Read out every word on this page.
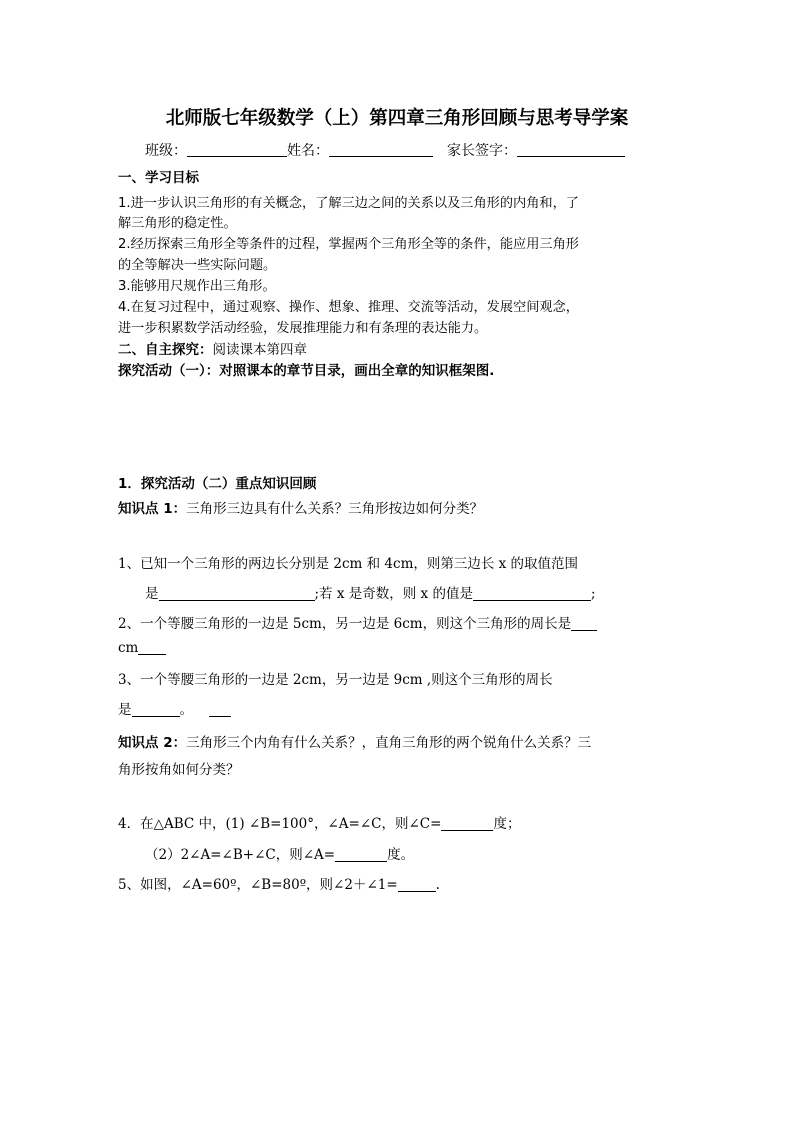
北师版七年级数学（上）第四章三角形回顾与思考导学案
班级：	姓名：	家长签字：
一、学习目标
1.进一步认识三角形的有关概念，了解三边之间的关系以及三角形的内角和，了
解三角形的稳定性。
2.经历探索三角形全等条件的过程，掌握两个三角形全等的条件，能应用三角形
的全等解决一些实际问题。
3.能够用尺规作出三角形。
4.在复习过程中，通过观察、操作、想象、推理、交流等活动，发展空间观念，
进一步积累数学活动经验，发展推理能力和有条理的表达能力。
二、自主探究：阅读课本第四章
探究活动（一）：对照课本的章节目录，画出全章的知识框架图.
1．探究活动（二）重点知识回顾
知识点 1：三角形三边具有什么关系？三角形按边如何分类？
1、已知一个三角形的两边长分别是 2cm 和 4cm，则第三边长 x 的取值范围
是	;若 x 是奇数，则 x 的值是	;
2、一个等腰三角形的一边是 5cm，另一边是 6cm，则这个三角形的周长是
cm
3、一个等腰三角形的一边是 2cm，另一边是 9cm ,则这个三角形的周长
是	。
知识点 2：三角形三个内角有什么关系？，直角三角形的两个锐角什么关系？三
角形按角如何分类？
4．在△ABC 中，(1) ∠B=100°，∠A=∠C，则∠C=	度；
（2）2∠A=∠B+∠C，则∠A=	度。
5、如图，∠A=60º，∠B=80º，则∠2＋∠1=	.
